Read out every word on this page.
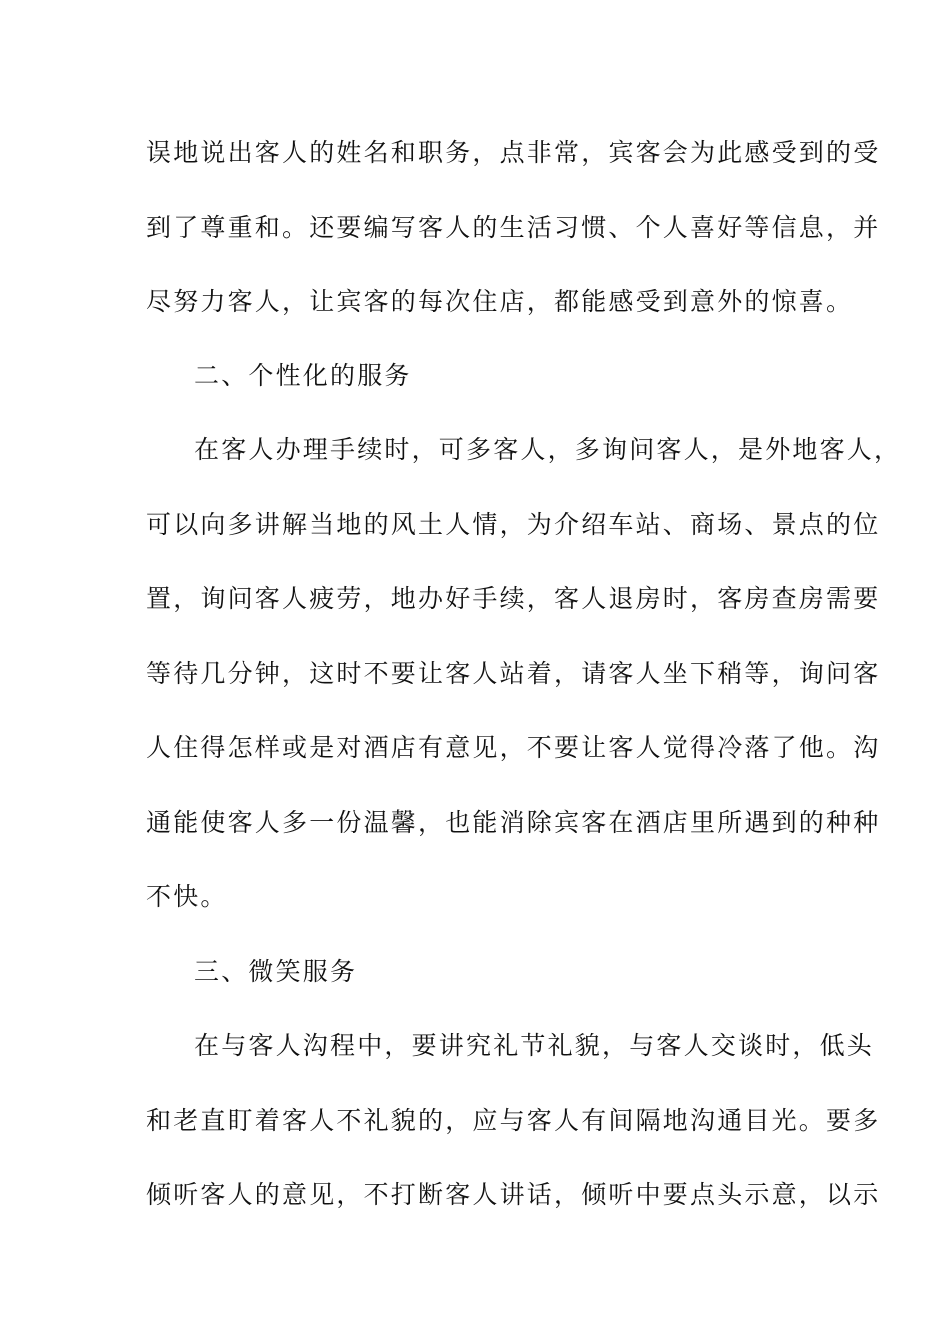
误地说出客人的姓名和职务，点非常，宾客会为此感受到的受
到了尊重和。还要编写客人的生活习惯、个人喜好等信息，并
尽努力客人，让宾客的每次住店，都能感受到意外的惊喜。
二、个性化的服务
在客人办理手续时，可多客人，多询问客人，是外地客人，
可以向多讲解当地的风土人情，为介绍车站、商场、景点的位
置，询问客人疲劳，地办好手续，客人退房时，客房查房需要
等待几分钟，这时不要让客人站着，请客人坐下稍等，询问客
人住得怎样或是对酒店有意见，不要让客人觉得冷落了他。沟
通能使客人多一份温馨，也能消除宾客在酒店里所遇到的种种
不快。
三、微笑服务
在与客人沟程中，要讲究礼节礼貌，与客人交谈时，低头
和老直盯着客人不礼貌的，应与客人有间隔地沟通目光。要多
倾听客人的意见，不打断客人讲话，倾听中要点头示意，以示
